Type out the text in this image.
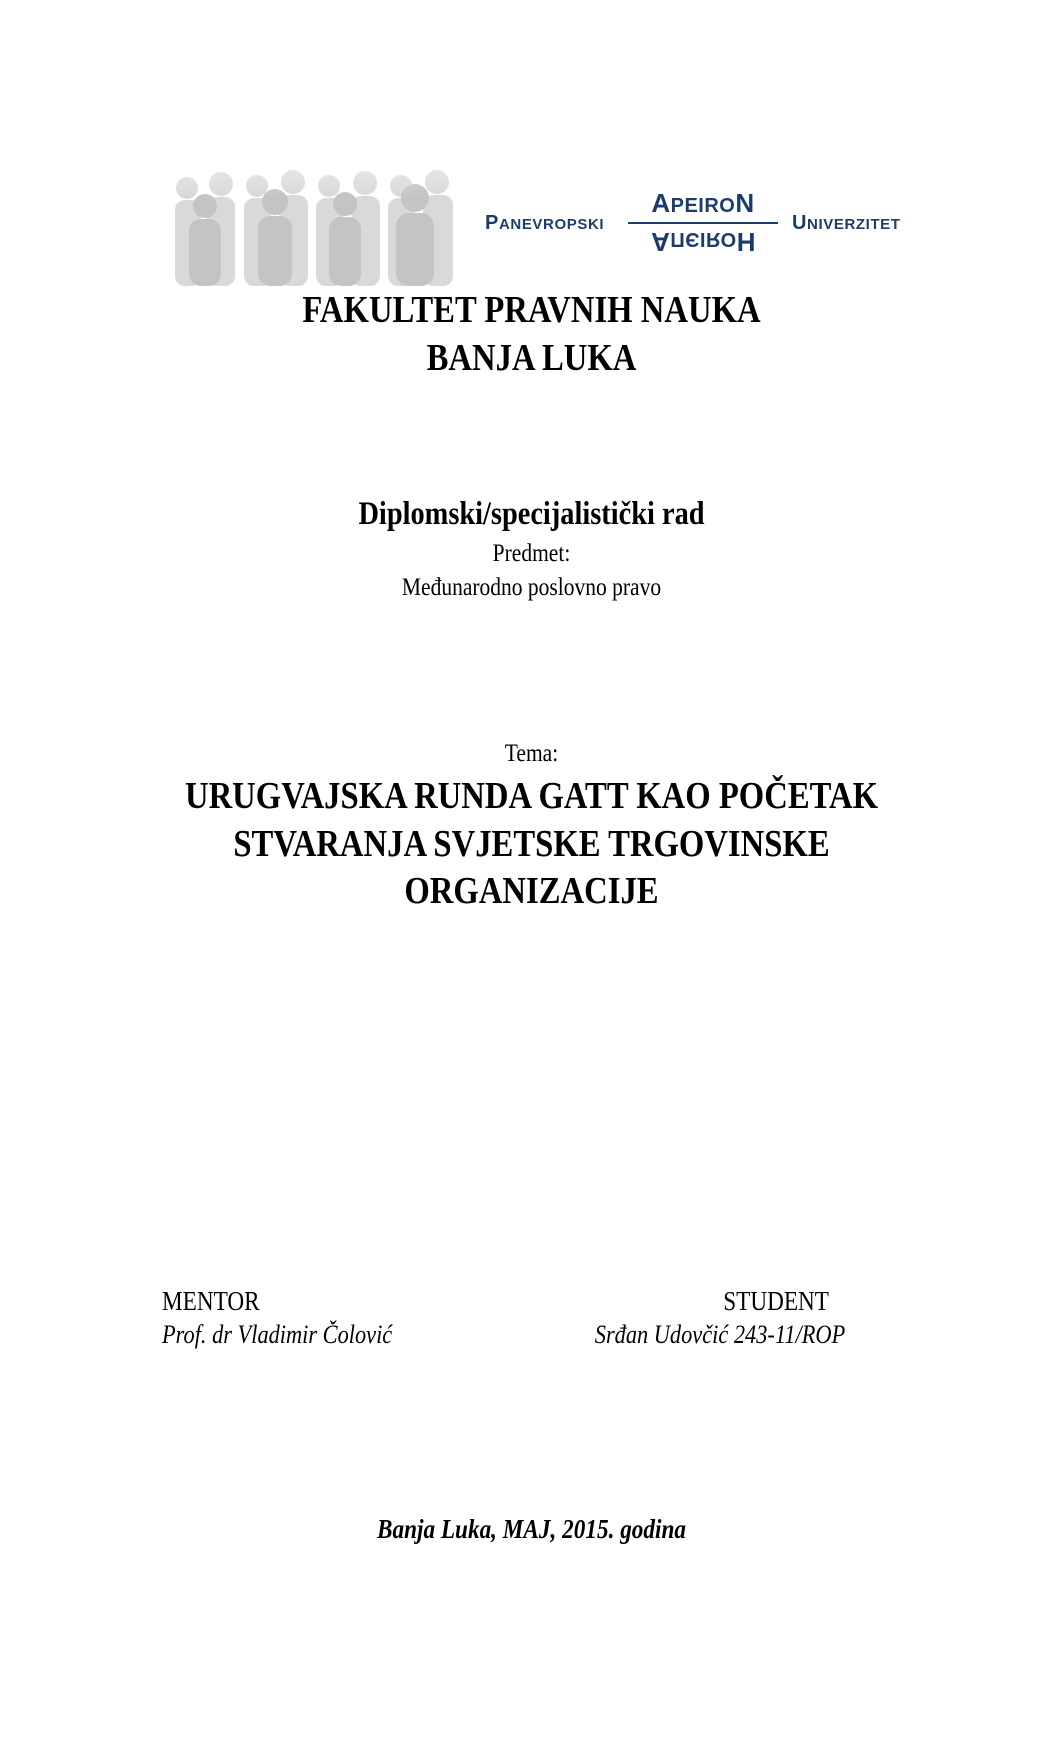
PANEVROPSKI
APEIRON
HОЯIЭПA
UNIVERZITET
FAKULTET PRAVNIH NAUKA
BANJA LUKA
Diplomski/specijalistički rad
Predmet:
Međunarodno poslovno pravo
Tema:
URUGVAJSKA RUNDA GATT KAO POČETAK
STVARANJA SVJETSKE TRGOVINSKE
ORGANIZACIJE
MENTOR
Prof. dr Vladimir Čolović
STUDENT
Srđan Udovčić 243-11/ROP
Banja Luka, MAJ, 2015. godina
